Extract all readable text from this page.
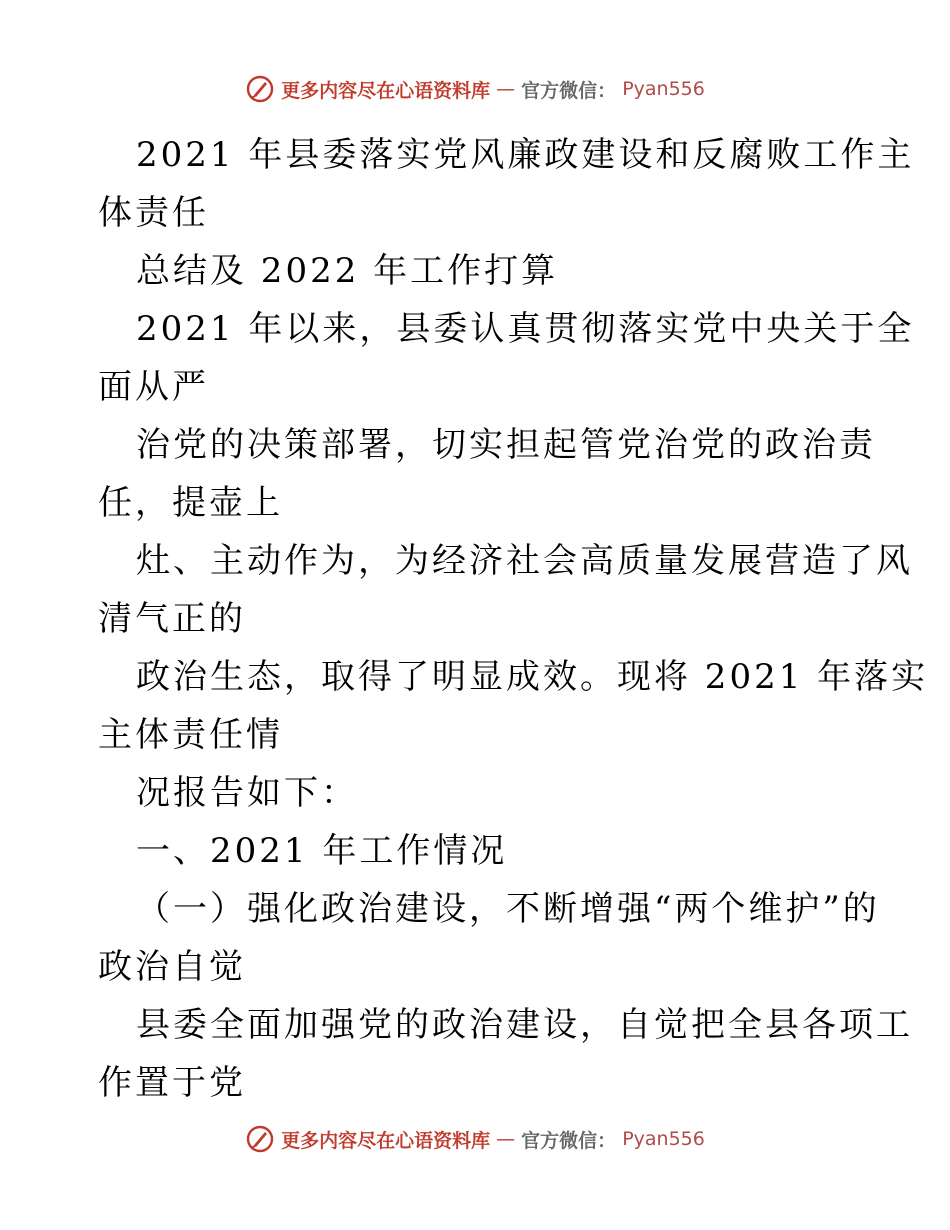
更多内容尽在心语资料库 — 官方微信： Pyan556

2021 年县委落实党风廉政建设和反腐败工作主

体责任

总结及 2022 年工作打算

2021 年以来，县委认真贯彻落实党中央关于全

面从严

治党的决策部署，切实担起管党治党的政治责

任，提壶上

灶、主动作为，为经济社会高质量发展营造了风

清气正的

政治生态，取得了明显成效。现将 2021 年落实

主体责任情

况报告如下：

一、2021 年工作情况

（一）强化政治建设，不断增强“两个维护”的

政治自觉

县委全面加强党的政治建设，自觉把全县各项工

作置于党

更多内容尽在心语资料库 — 官方微信： Pyan556
